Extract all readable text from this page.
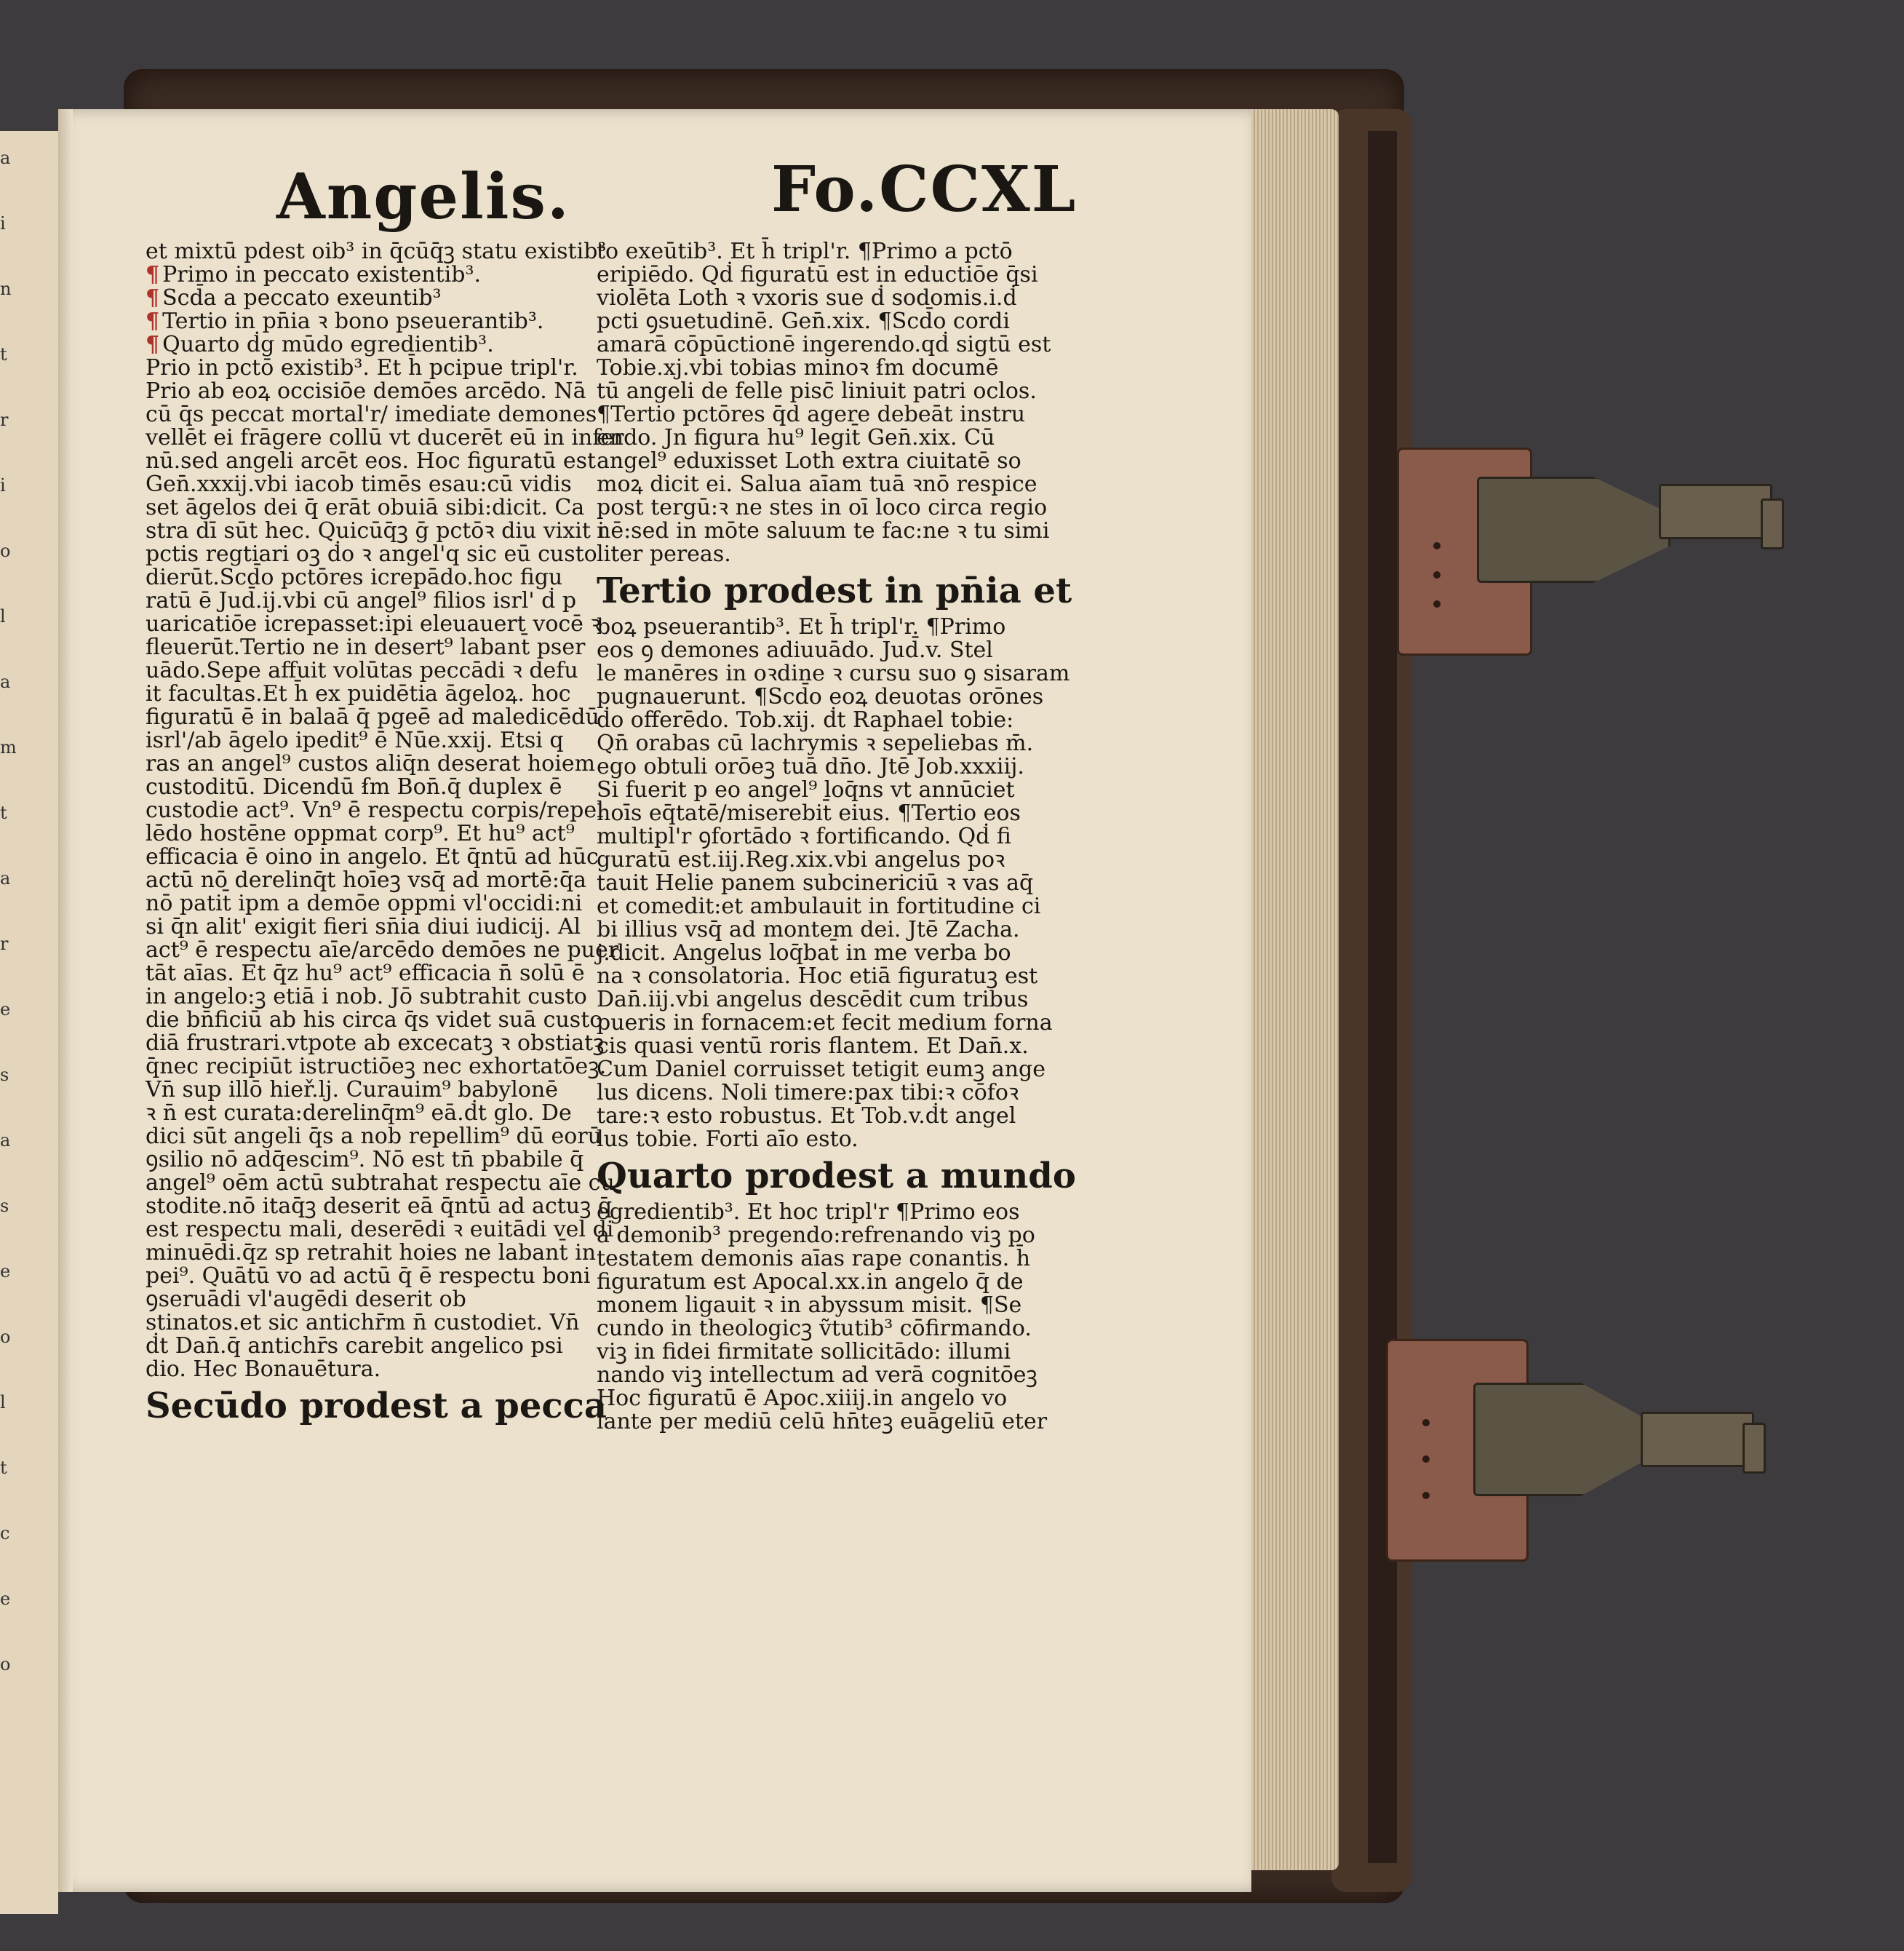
a
i
n
t
r
i
o
l
a
m
t
a
r
e
s
a
s
e
o
l
t
c
e
o
Angelis.	Fo.CCXL
et mixtū pdest oib³ in q̄cūq̄ꝫ statu existib³
¶ Primo in peccato existentib³.
¶ Scd̄a a peccato exeuntib³
¶ Tertio in pn̄ia ꝛ bono pseuerantib³.
¶ Quarto ḋg mūdo egredientib³.
Prio in pctō existib³. Et h̄ pcipue tripl'r.
Prio ab eoꝝ occisiōe demōes arcēdo. Nā
cū q̄s peccat mortal'r/ imediate demones
vellēt ei frāgere collū vt ducerēt eū in infer
nū.sed angeli arcēt eos. Hoc figuratū est
Gen̄.xxxij.vbi iacob timēs esau:cū vidis
set āgelos dei q̄ erāt obuiā sibi:dicit. Ca
stra dī sūt hec. Quicūq̄ꝫ ḡ pctōꝛ diu vixit i
pctis regtiari oꝫ ḋo ꝛ angel'q sic eū custo
dierūt.Scd̄o pctōres icrepādo.hoc figu
ratū ē Jud̄.ij.vbi cū angel⁹ filios isrl' ḋ p
uaricatiōe icrepasset:ipi eleuauert vocē ꝛ
fleuerūt.Tertio ne in desert⁹ labant̄ pser
uādo.Sepe affuit volūtas peccādi ꝛ defu
it facultas.Et h̄ ex puidētia āgeloꝝ. hoc
figuratū ē in balaā q̄ pgeē ad maledicēdū
isrl'/ab āgelo ipedit⁹ ē Nūe.xxij. Etsi q
ras an angel⁹ custos aliq̄n deserat hoiem
custoditū. Dicendū ẜm Bon̄.q̄ duplex ē
custodie act⁹. Vn⁹ ē respectu corpis/repel
lēdo hostēne oppmat corp⁹. Et hu⁹ act⁹
efficacia ē oino in angelo. Et q̄ntū ad hūc
actū nō derelinq̄t hoīeꝫ vsq̄ ad mortē:q̄a
nō patit̄ ipm a demōe oppmi vl'occidi:ni
si q̄n alit' exigit fieri sn̄ia diui iudicij. Al
act⁹ ē respectu aīe/arcēdo demōes ne puer
tāt aīas. Et q̄z hu⁹ act⁹ efficacia n̄ solū ē
in angelo:ꝫ etiā i nob. Jō subtrahit custo
die bn̄ficiū ab his circa q̄s videt suā custo
diā frustrari.vtpote ab excecatꝫ ꝛ obstiatꝫ
q̄nec recipiūt istructiōeꝫ nec exhortatōeꝫ.
Vn̄ sup illō hieř.lj. Curauim⁹ babylonē
ꝛ n̄ est curata:derelinq̄m⁹ eā.ḋt glo. De
dici sūt angeli q̄s a nob repellim⁹ dū eorū
ꝯsilio nō adq̄escim⁹. Nō est tn̄ pbabile q̄
angel⁹ oēm actū subtrahat respectu aīe cu
stodite.nō itaq̄ꝫ deserit eā q̄ntū ad actuꝫ q̄
est respectu mali, deserēdi ꝛ euitādi vel di
minuēdi.q̄z sp retrahit hoies ne labant̄ in
pei⁹. Quātū vo ad actū q̄ ē respectu boni
ꝯseruādi vl'augēdi deserit ob
stinatos.et sic antichr̄m n̄ custodiet. Vn̄
ḋt Dan̄.q̄ antichr̄s carebit angelico psi
dio. Hec Bonauētura.
Secūdo prodest a pecca
to exeūtib³. Et h̄ tripl'r. ¶Primo a pctō
eripiēdo. Qḋ figuratū est in eductiōe q̄si
violēta Loth ꝛ vxoris sue ḋ sodomis.i.ḋ
pcti ꝯsuetudinē. Gen̄.xix. ¶Scd̄o cordi
amarā cōpūctionē ingerendo.qḋ sigtū est
Tobie.xj.vbi tobias minoꝛ ẜm documē
tū angeli de felle pisc̄ liniuit patri oclos.
¶Tertio pctōres q̄d agere debeāt instru
endo. Jn figura hu⁹ legit̄ Gen̄.xix. Cū
angel⁹ eduxisset Loth extra ciuitatē so
moꝝ dicit ei. Salua aīam tuā ꝛnō respice
post tergū:ꝛ ne stes in oī loco circa regio
nē:sed in mōte saluum te fac:ne ꝛ tu simi
liter pereas.
Tertio prodest in pn̄ia et
boꝝ pseuerantib³. Et h̄ tripl'r. ¶Primo
eos ꝯ demones adiuuādo. Jud̄.v. Stel
le manēres in oꝛdine ꝛ cursu suo ꝯ sisaram
pugnauerunt. ¶Scd̄o eoꝝ deuotas orōnes
ḋo offerēdo. Tob.xij. ḋt Raphael tobie:
Qn̄ orabas cū lachrymis ꝛ sepeliebas m̄.
ego obtuli orōeꝫ tuā dn̄o. Jtē Job.xxxiij.
Si fuerit p eo angel⁹ loq̄ns vt annūciet
hoīs eq̄tatē/miserebit̄ eius. ¶Tertio eos
multipl'r ꝯfortādo ꝛ fortificando. Qḋ fi
guratū est.iij.Reg.xix.vbi angelus poꝛ
tauit Helie panem subcinericiū ꝛ vas aq̄
et comedit:et ambulauit in fortitudine ci
bi illius vsq̄ ad montem dei. Jtē Zacha.
j.dicit. Angelus loq̄bat̄ in me verba bo
na ꝛ consolatoria. Hoc etiā figuratuꝫ est
Dan̄.iij.vbi angelus descēdit cum tribus
pueris in fornacem:et fecit medium forna
cis quasi ventū roris flantem. Et Dan̄.x.
Cum Daniel corruisset tetigit eumꝫ ange
lus dicens. Noli timere:pax tibi:ꝛ cōfoꝛ
tare:ꝛ esto robustus. Et Tob.v.ḋt angel
lus tobie. Forti aīo esto.
Quarto prodest a mundo
egredientib³. Et hoc tripl'r ¶Primo eos
a demonib³ pregendo:refrenando viꝫ po
testatem demonis aīas rape conantis. h̄
figuratum est Apocal.xx.in angelo q̄ de
monem ligauit ꝛ in abyssum misit. ¶Se
cundo in theologicꝫ ṽtutib³ cōfirmando.
viꝫ in fidei firmitate sollicitādo: illumi
nando viꝫ intellectum ad verā cognitōeꝫ
Hoc figuratū ē Apoc.xiiij.in angelo vo
lante per mediū celū hn̄teꝫ euāgeliū eter
